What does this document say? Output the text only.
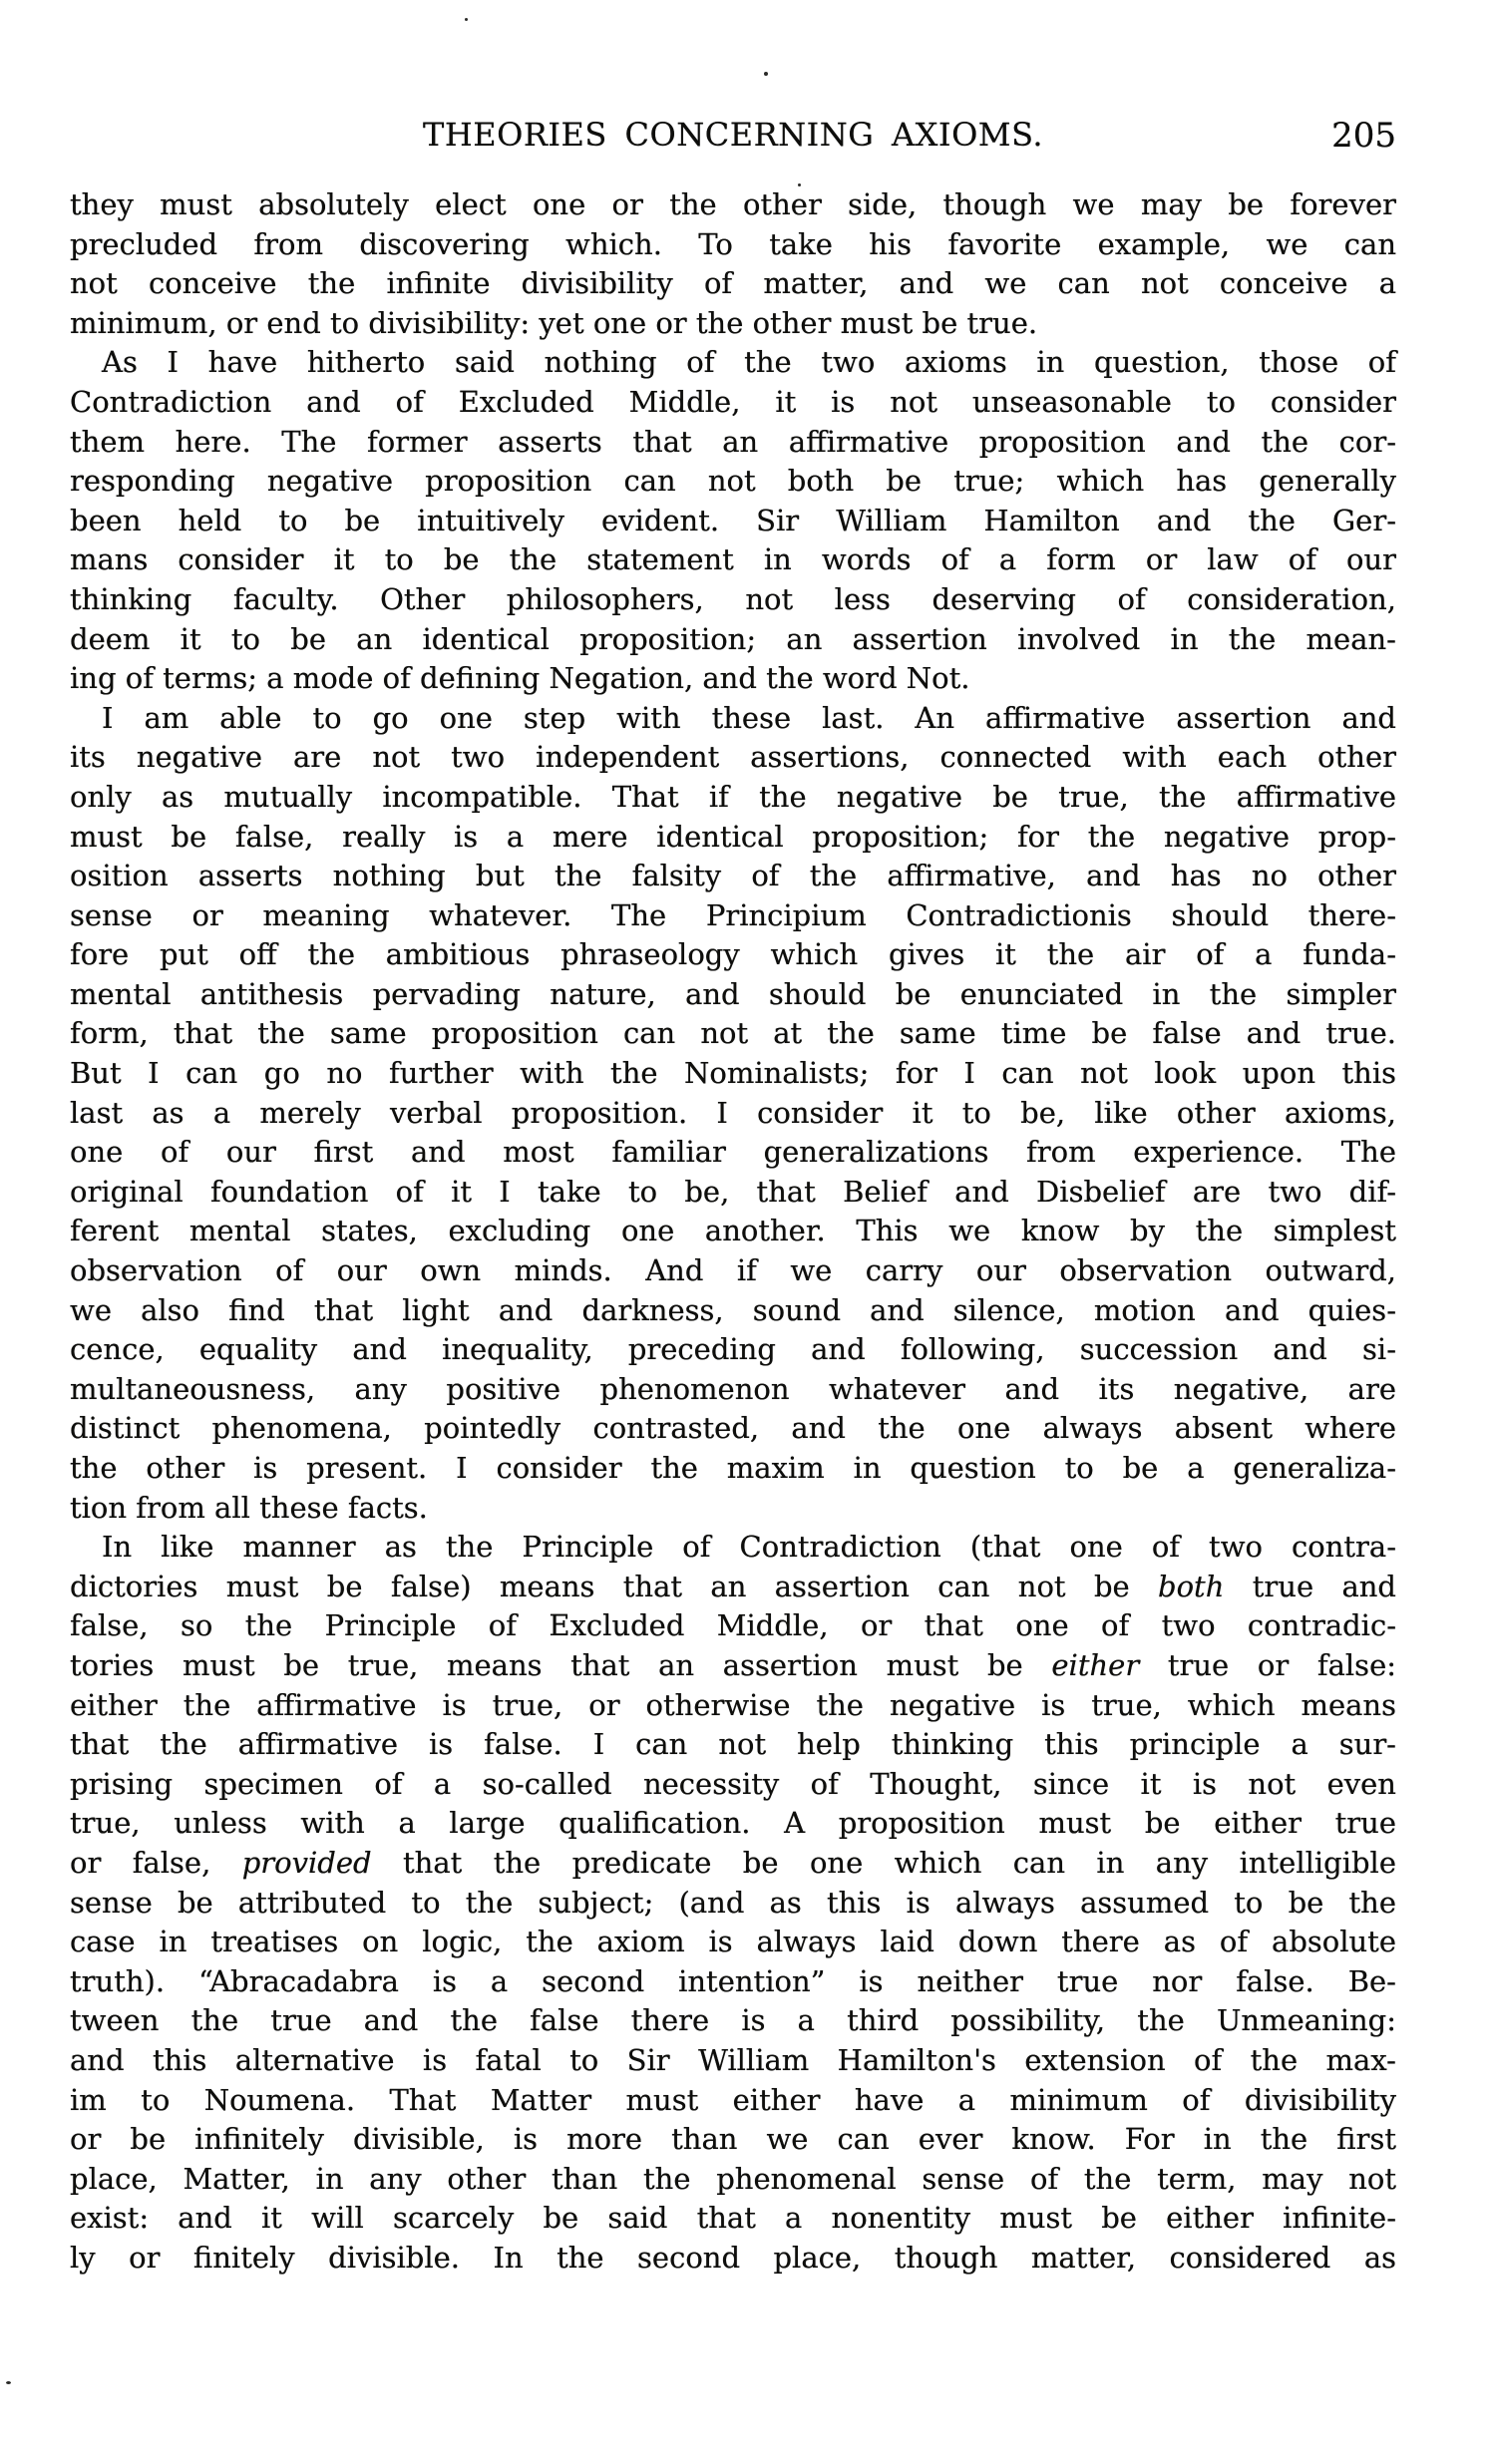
THEORIES CONCERNING AXIOMS.	205
they must absolutely elect one or the other side, though we may be forever
precluded from discovering which. To take his favorite example, we can
not conceive the infinite divisibility of matter, and we can not conceive a
minimum, or end to divisibility: yet one or the other must be true.
As I have hitherto said nothing of the two axioms in question, those of
Contradiction and of Excluded Middle, it is not unseasonable to consider
them here. The former asserts that an affirmative proposition and the cor-
responding negative proposition can not both be true; which has generally
been held to be intuitively evident. Sir William Hamilton and the Ger-
mans consider it to be the statement in words of a form or law of our
thinking faculty. Other philosophers, not less deserving of consideration,
deem it to be an identical proposition; an assertion involved in the mean-
ing of terms; a mode of defining Negation, and the word Not.
I am able to go one step with these last. An affirmative assertion and
its negative are not two independent assertions, connected with each other
only as mutually incompatible. That if the negative be true, the affirmative
must be false, really is a mere identical proposition; for the negative prop-
osition asserts nothing but the falsity of the affirmative, and has no other
sense or meaning whatever. The Principium Contradictionis should there-
fore put off the ambitious phraseology which gives it the air of a funda-
mental antithesis pervading nature, and should be enunciated in the simpler
form, that the same proposition can not at the same time be false and true.
But I can go no further with the Nominalists; for I can not look upon this
last as a merely verbal proposition. I consider it to be, like other axioms,
one of our first and most familiar generalizations from experience. The
original foundation of it I take to be, that Belief and Disbelief are two dif-
ferent mental states, excluding one another. This we know by the simplest
observation of our own minds. And if we carry our observation outward,
we also find that light and darkness, sound and silence, motion and quies-
cence, equality and inequality, preceding and following, succession and si-
multaneousness, any positive phenomenon whatever and its negative, are
distinct phenomena, pointedly contrasted, and the one always absent where
the other is present. I consider the maxim in question to be a generaliza-
tion from all these facts.
In like manner as the Principle of Contradiction (that one of two contra-
dictories must be false) means that an assertion can not be both true and
false, so the Principle of Excluded Middle, or that one of two contradic-
tories must be true, means that an assertion must be either true or false:
either the affirmative is true, or otherwise the negative is true, which means
that the affirmative is false. I can not help thinking this principle a sur-
prising specimen of a so-called necessity of Thought, since it is not even
true, unless with a large qualification. A proposition must be either true
or false, provided that the predicate be one which can in any intelligible
sense be attributed to the subject; (and as this is always assumed to be the
case in treatises on logic, the axiom is always laid down there as of absolute
truth). “Abracadabra is a second intention” is neither true nor false. Be-
tween the true and the false there is a third possibility, the Unmeaning:
and this alternative is fatal to Sir William Hamilton's extension of the max-
im to Noumena. That Matter must either have a minimum of divisibility
or be infinitely divisible, is more than we can ever know. For in the first
place, Matter, in any other than the phenomenal sense of the term, may not
exist: and it will scarcely be said that a nonentity must be either infinite-
ly or finitely divisible. In the second place, though matter, considered as
